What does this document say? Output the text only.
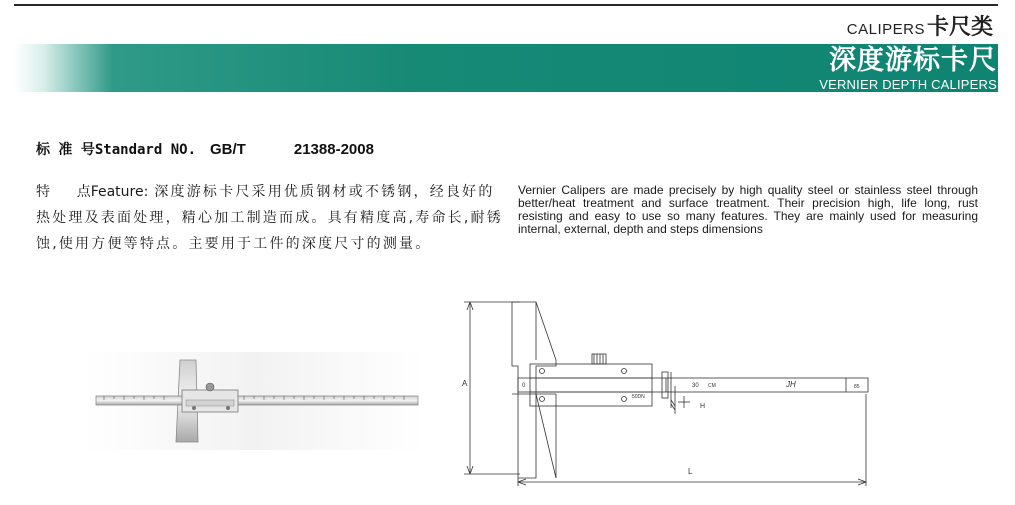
CALIPERS 卡尺类
深度游标卡尺
VERNIER DEPTH CALIPERS
标 准 号Standard NO. GB/T	21388-2008
特      点Feature: 深度游标卡尺采用优质钢材或不锈钢，经良好的热处理及表面处理，精心加工制造而成。具有精度高,寿命长,耐锈蚀,使用方便等特点。主要用于工件的深度尺寸的测量。
Vernier Calipers are made precisely by high quality steel or stainless steel through better/heat treatment and surface treatment. Their precision high, life long, rust resisting and easy to use so many features. They are mainly used for measuring internal, external, depth and steps dimensions
A
L
H
0	30 CM	85
50DN
JH
